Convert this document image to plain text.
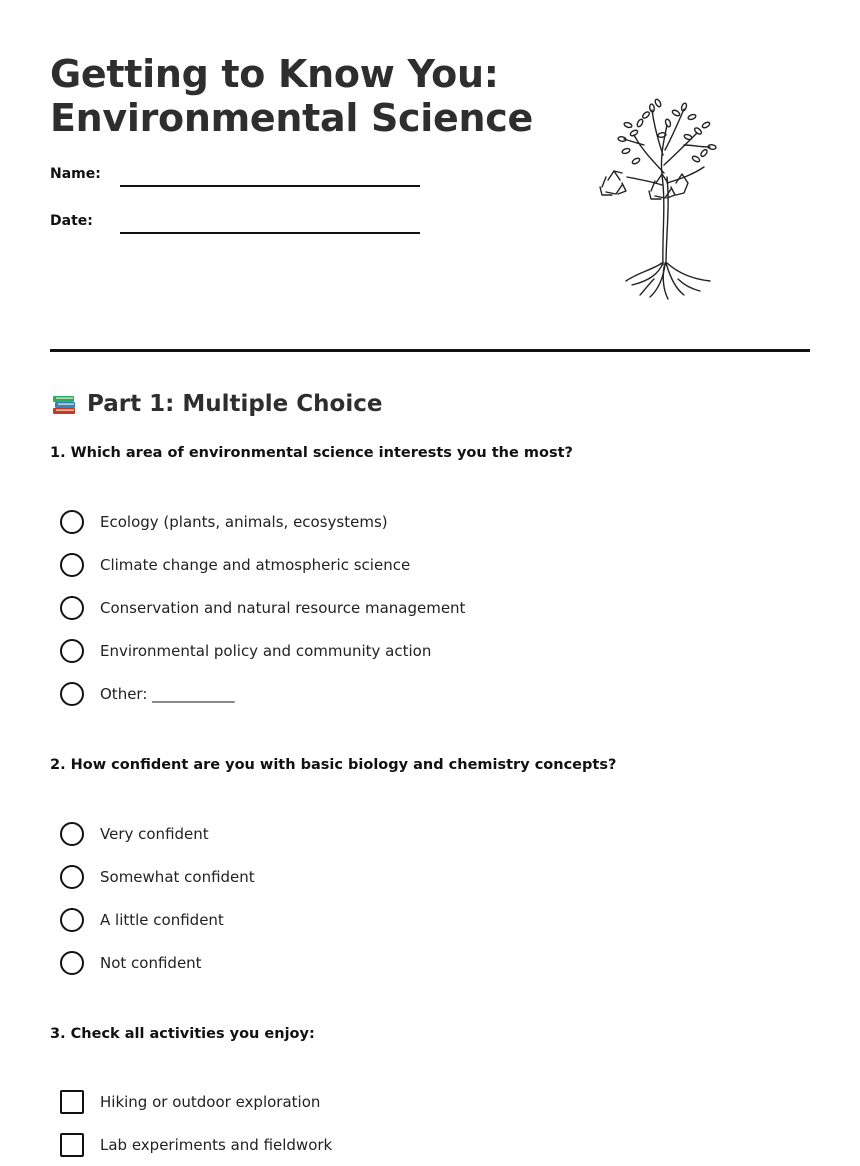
Getting to Know You:
Environmental Science
Name:
Date:
Part 1: Multiple Choice

1. Which area of environmental science interests you the most?

Ecology (plants, animals, ecosystems)
Climate change and atmospheric science
Conservation and natural resource management
Environmental policy and community action
Other: ___________

2. How confident are you with basic biology and chemistry concepts?

Very confident
Somewhat confident
A little confident
Not confident

3. Check all activities you enjoy:

Hiking or outdoor exploration
Lab experiments and fieldwork
